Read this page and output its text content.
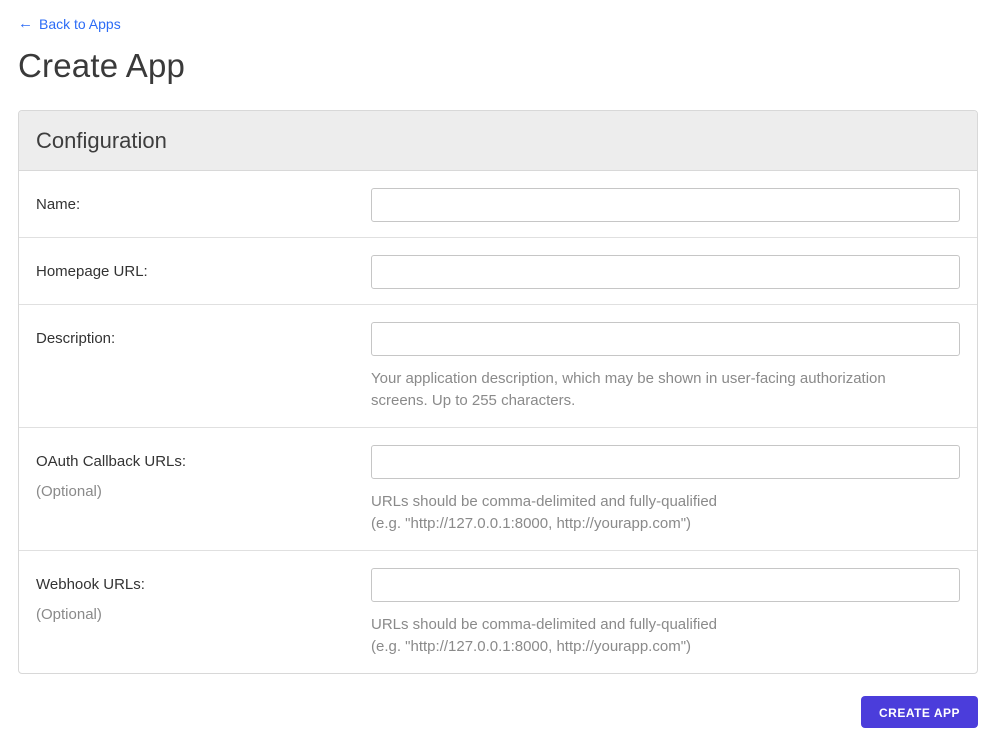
← Back to Apps
Create App
Configuration
Name:
Homepage URL:
Description:
Your application description, which may be shown in user-facing authorization screens. Up to 255 characters.
OAuth Callback URLs:
(Optional)
URLs should be comma-delimited and fully-qualified
(e.g. "http://127.0.0.1:8000, http://yourapp.com")
Webhook URLs:
(Optional)
URLs should be comma-delimited and fully-qualified
(e.g. "http://127.0.0.1:8000, http://yourapp.com")
CREATE APP
